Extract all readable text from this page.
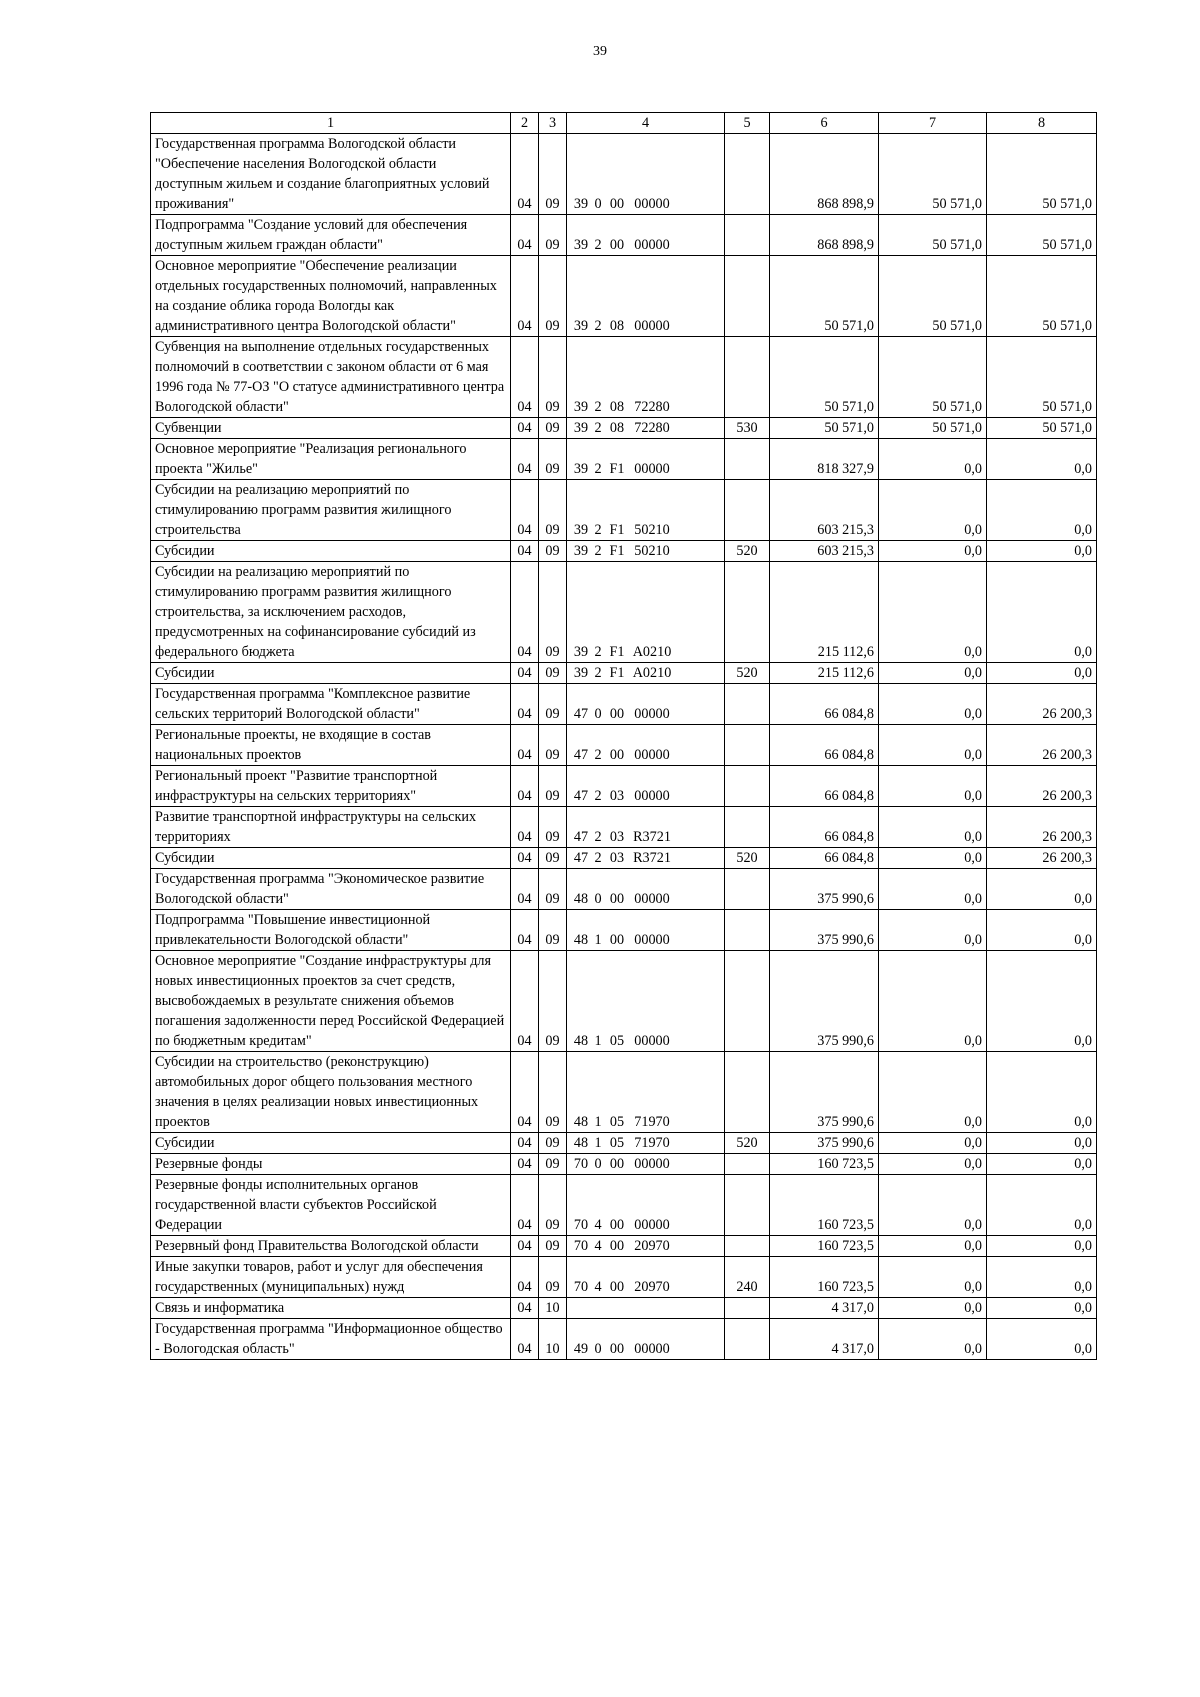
39
1	2	3	4	5	6	7	8
Государственная программа Вологодской области "Обеспечение населения Вологодской области доступным жильем и создание благоприятных условий проживания"	04	09	39 0 00 00000		868 898,9	50 571,0	50 571,0
Подпрограмма "Создание условий для обеспечения доступным жильем граждан области"	04	09	39 2 00 00000		868 898,9	50 571,0	50 571,0
Основное мероприятие "Обеспечение реализации отдельных государственных полномочий, направленных на создание облика города Вологды как административного центра Вологодской области"	04	09	39 2 08 00000		50 571,0	50 571,0	50 571,0
Субвенция на выполнение отдельных государственных полномочий в соответствии с законом области от 6 мая 1996 года № 77-ОЗ "О статусе административного центра Вологодской области"	04	09	39 2 08 72280		50 571,0	50 571,0	50 571,0
Субвенции	04	09	39 2 08 72280	530	50 571,0	50 571,0	50 571,0
Основное мероприятие "Реализация регионального проекта "Жилье"	04	09	39 2 F1 00000		818 327,9	0,0	0,0
Субсидии на реализацию мероприятий по стимулированию программ развития жилищного строительства	04	09	39 2 F1 50210		603 215,3	0,0	0,0
Субсидии	04	09	39 2 F1 50210	520	603 215,3	0,0	0,0
Субсидии на реализацию мероприятий по стимулированию программ развития жилищного строительства, за исключением расходов, предусмотренных на софинансирование субсидий из федерального бюджета	04	09	39 2 F1 A0210		215 112,6	0,0	0,0
Субсидии	04	09	39 2 F1 A0210	520	215 112,6	0,0	0,0
Государственная программа "Комплексное развитие сельских территорий Вологодской области"	04	09	47 0 00 00000		66 084,8	0,0	26 200,3
Региональные проекты, не входящие в состав национальных проектов	04	09	47 2 00 00000		66 084,8	0,0	26 200,3
Региональный проект "Развитие транспортной инфраструктуры на сельских территориях"	04	09	47 2 03 00000		66 084,8	0,0	26 200,3
Развитие транспортной инфраструктуры на сельских территориях	04	09	47 2 03 R3721		66 084,8	0,0	26 200,3
Субсидии	04	09	47 2 03 R3721	520	66 084,8	0,0	26 200,3
Государственная программа "Экономическое развитие Вологодской области"	04	09	48 0 00 00000		375 990,6	0,0	0,0
Подпрограмма "Повышение инвестиционной привлекательности Вологодской области"	04	09	48 1 00 00000		375 990,6	0,0	0,0
Основное мероприятие "Создание инфраструктуры для новых инвестиционных проектов за счет средств, высвобождаемых в результате снижения объемов погашения задолженности перед Российской Федерацией по бюджетным кредитам"	04	09	48 1 05 00000		375 990,6	0,0	0,0
Субсидии на строительство (реконструкцию) автомобильных дорог общего пользования местного значения в целях реализации новых инвестиционных проектов	04	09	48 1 05 71970		375 990,6	0,0	0,0
Субсидии	04	09	48 1 05 71970	520	375 990,6	0,0	0,0
Резервные фонды	04	09	70 0 00 00000		160 723,5	0,0	0,0
Резервные фонды исполнительных органов государственной власти субъектов Российской Федерации	04	09	70 4 00 00000		160 723,5	0,0	0,0
Резервный фонд Правительства Вологодской области	04	09	70 4 00 20970		160 723,5	0,0	0,0
Иные закупки товаров, работ и услуг для обеспечения государственных (муниципальных) нужд	04	09	70 4 00 20970	240	160 723,5	0,0	0,0
Связь и информатика	04	10			4 317,0	0,0	0,0
Государственная программа "Информационное общество - Вологодская область"	04	10	49 0 00 00000		4 317,0	0,0	0,0
